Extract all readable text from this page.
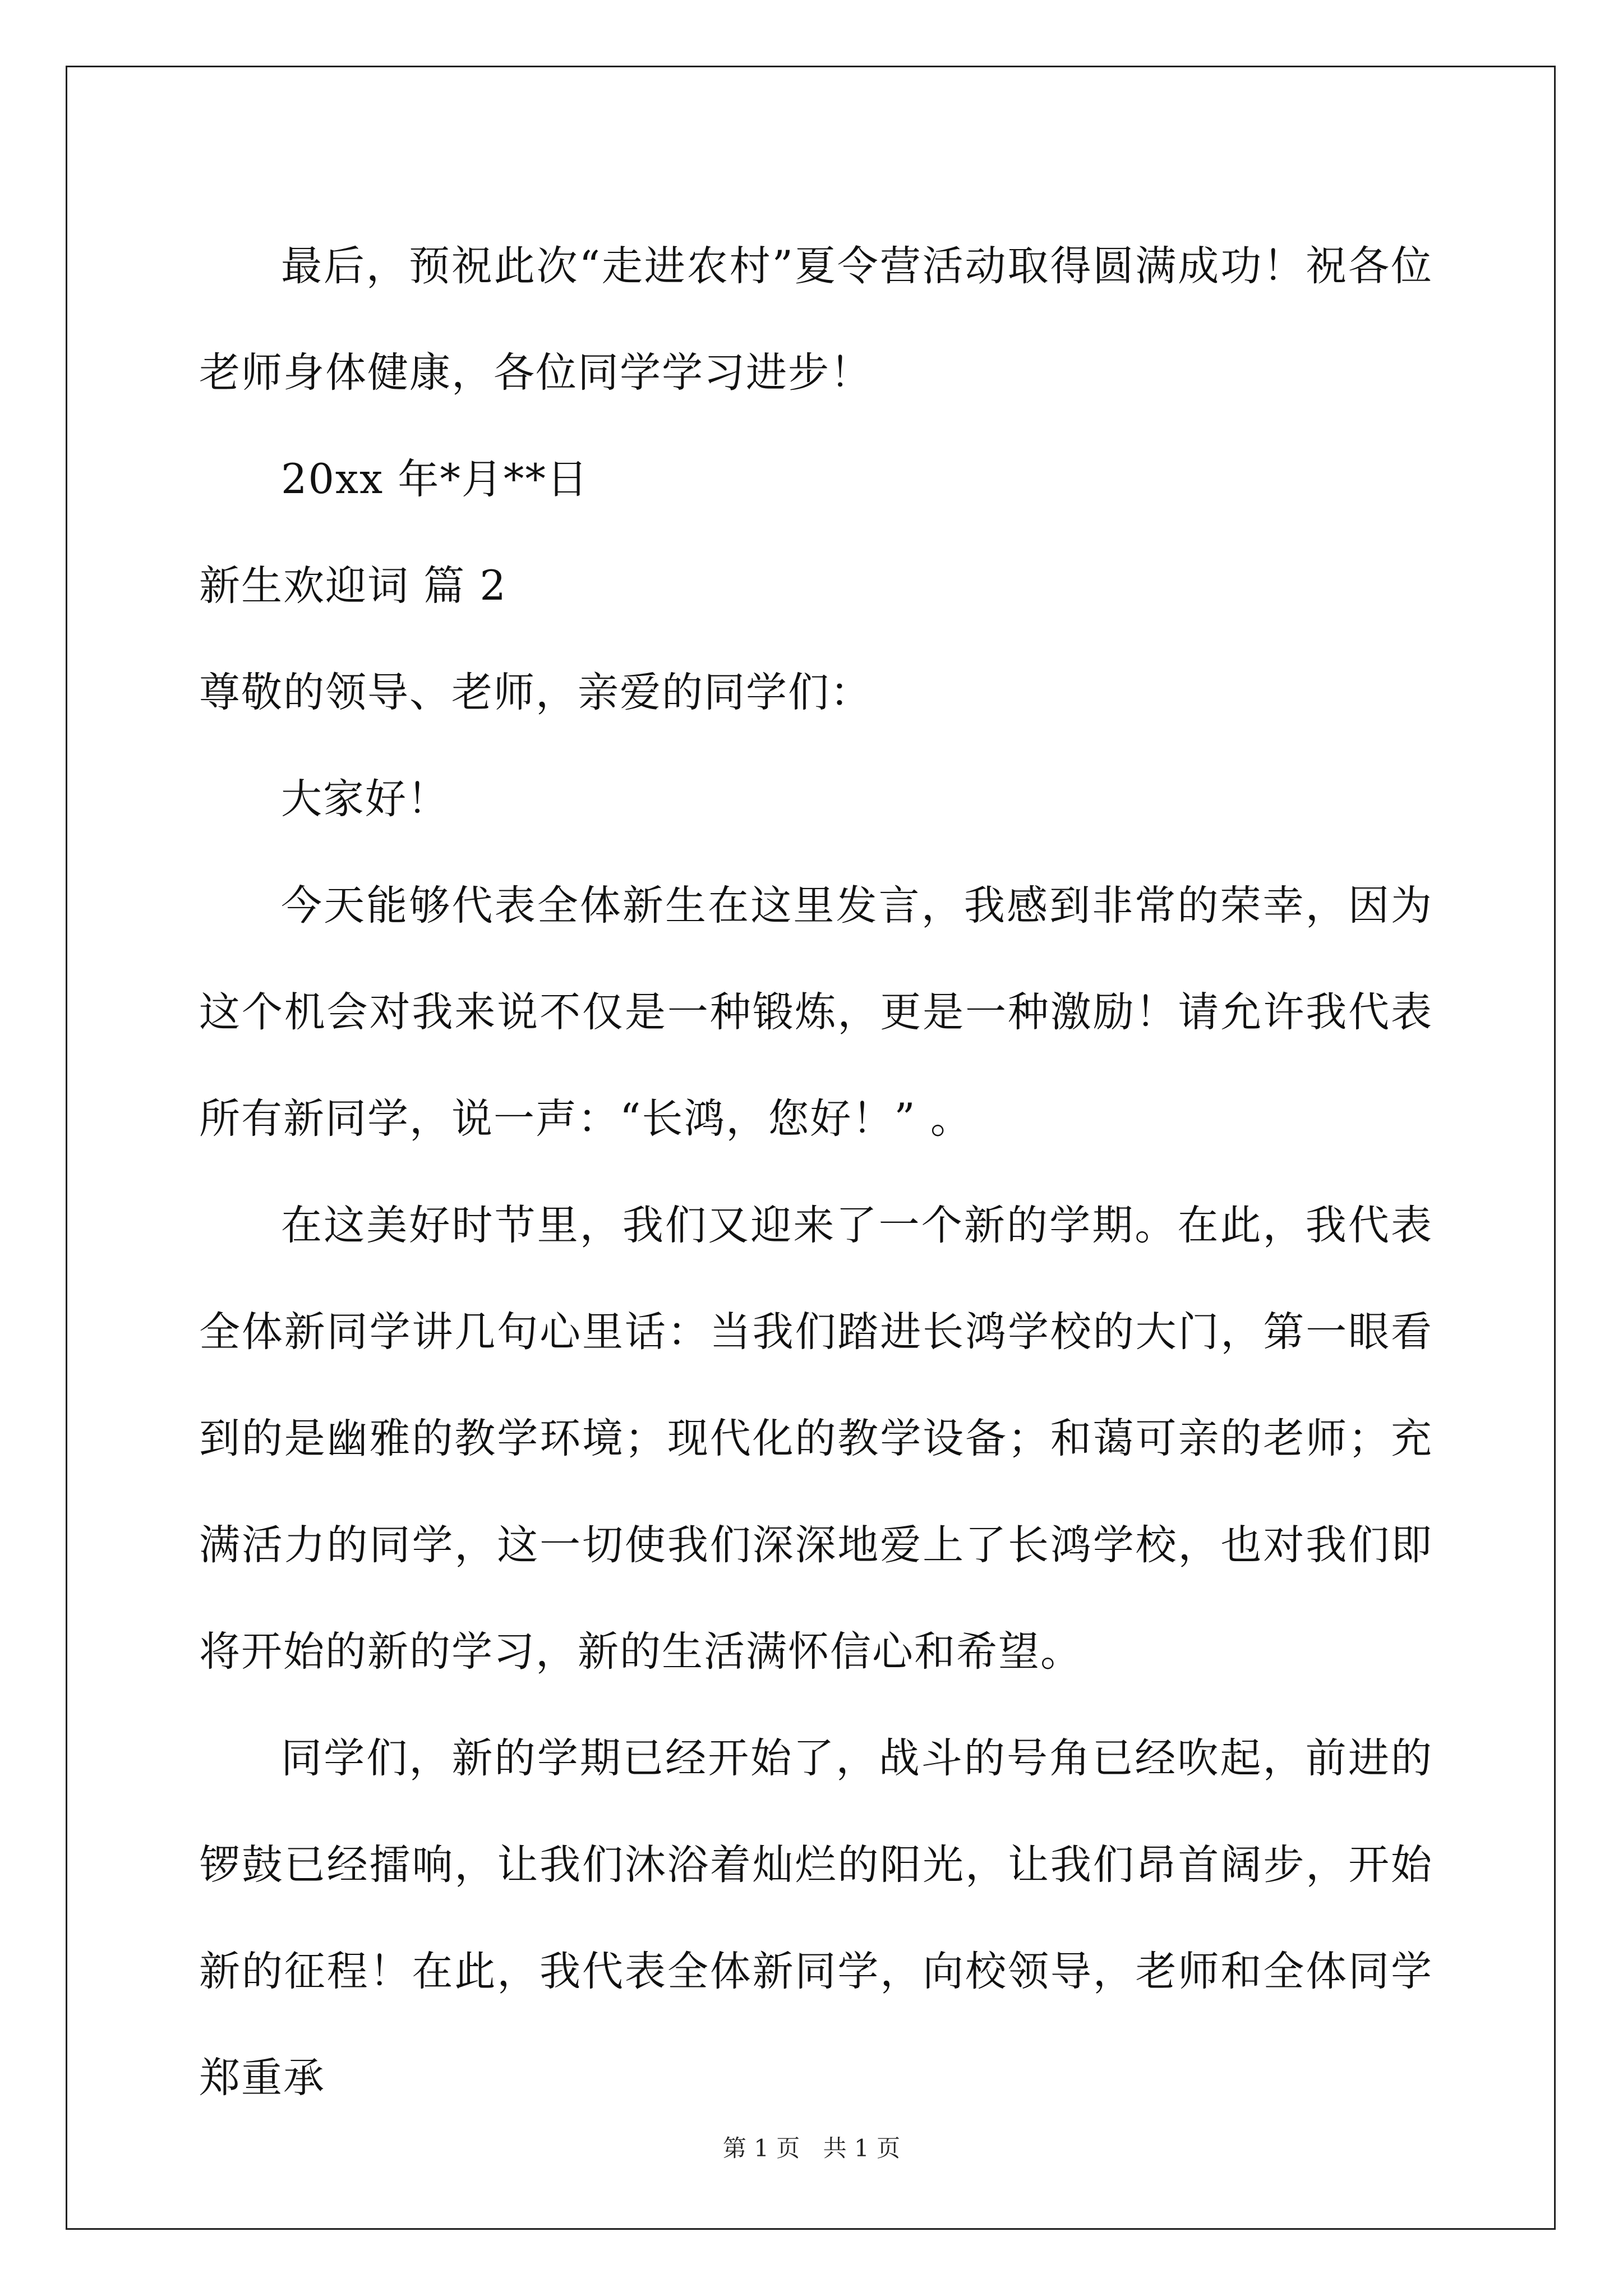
最后，预祝此次“走进农村”夏令营活动取得圆满成功！祝各位老师身体健康，各位同学学习进步！

20xx 年*月**日

新生欢迎词 篇 2

尊敬的领导、老师，亲爱的同学们：

大家好！

今天能够代表全体新生在这里发言，我感到非常的荣幸，因为这个机会对我来说不仅是一种锻炼，更是一种激励！请允许我代表所有新同学，说一声：“长鸿，您好！” 。

在这美好时节里，我们又迎来了一个新的学期。在此，我代表全体新同学讲几句心里话：当我们踏进长鸿学校的大门，第一眼看到的是幽雅的教学环境；现代化的教学设备；和蔼可亲的老师；充满活力的同学，这一切使我们深深地爱上了长鸿学校，也对我们即将开始的新的学习，新的生活满怀信心和希望。

同学们，新的学期已经开始了，战斗的号角已经吹起，前进的锣鼓已经擂响，让我们沐浴着灿烂的阳光，让我们昂首阔步，开始新的征程！在此，我代表全体新同学，向校领导，老师和全体同学郑重承

第 1 页 共 1 页
